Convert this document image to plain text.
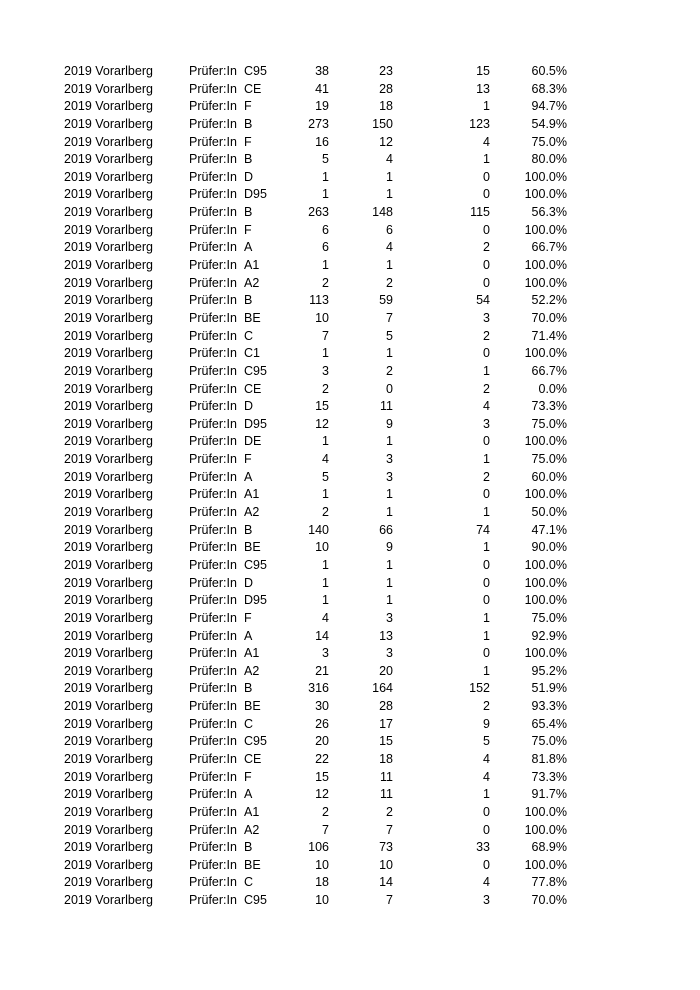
2019 Vorarlberg	Prüfer:In C95	38	23	15	60.5%
2019 Vorarlberg	Prüfer:In CE	41	28	13	68.3%
2019 Vorarlberg	Prüfer:In F	19	18	1	94.7%
2019 Vorarlberg	Prüfer:In B	273	150	123	54.9%
2019 Vorarlberg	Prüfer:In F	16	12	4	75.0%
2019 Vorarlberg	Prüfer:In B	5	4	1	80.0%
2019 Vorarlberg	Prüfer:In D	1	1	0	100.0%
2019 Vorarlberg	Prüfer:In D95	1	1	0	100.0%
2019 Vorarlberg	Prüfer:In B	263	148	115	56.3%
2019 Vorarlberg	Prüfer:In F	6	6	0	100.0%
2019 Vorarlberg	Prüfer:In A	6	4	2	66.7%
2019 Vorarlberg	Prüfer:In A1	1	1	0	100.0%
2019 Vorarlberg	Prüfer:In A2	2	2	0	100.0%
2019 Vorarlberg	Prüfer:In B	113	59	54	52.2%
2019 Vorarlberg	Prüfer:In BE	10	7	3	70.0%
2019 Vorarlberg	Prüfer:In C	7	5	2	71.4%
2019 Vorarlberg	Prüfer:In C1	1	1	0	100.0%
2019 Vorarlberg	Prüfer:In C95	3	2	1	66.7%
2019 Vorarlberg	Prüfer:In CE	2	0	2	0.0%
2019 Vorarlberg	Prüfer:In D	15	11	4	73.3%
2019 Vorarlberg	Prüfer:In D95	12	9	3	75.0%
2019 Vorarlberg	Prüfer:In DE	1	1	0	100.0%
2019 Vorarlberg	Prüfer:In F	4	3	1	75.0%
2019 Vorarlberg	Prüfer:In A	5	3	2	60.0%
2019 Vorarlberg	Prüfer:In A1	1	1	0	100.0%
2019 Vorarlberg	Prüfer:In A2	2	1	1	50.0%
2019 Vorarlberg	Prüfer:In B	140	66	74	47.1%
2019 Vorarlberg	Prüfer:In BE	10	9	1	90.0%
2019 Vorarlberg	Prüfer:In C95	1	1	0	100.0%
2019 Vorarlberg	Prüfer:In D	1	1	0	100.0%
2019 Vorarlberg	Prüfer:In D95	1	1	0	100.0%
2019 Vorarlberg	Prüfer:In F	4	3	1	75.0%
2019 Vorarlberg	Prüfer:In A	14	13	1	92.9%
2019 Vorarlberg	Prüfer:In A1	3	3	0	100.0%
2019 Vorarlberg	Prüfer:In A2	21	20	1	95.2%
2019 Vorarlberg	Prüfer:In B	316	164	152	51.9%
2019 Vorarlberg	Prüfer:In BE	30	28	2	93.3%
2019 Vorarlberg	Prüfer:In C	26	17	9	65.4%
2019 Vorarlberg	Prüfer:In C95	20	15	5	75.0%
2019 Vorarlberg	Prüfer:In CE	22	18	4	81.8%
2019 Vorarlberg	Prüfer:In F	15	11	4	73.3%
2019 Vorarlberg	Prüfer:In A	12	11	1	91.7%
2019 Vorarlberg	Prüfer:In A1	2	2	0	100.0%
2019 Vorarlberg	Prüfer:In A2	7	7	0	100.0%
2019 Vorarlberg	Prüfer:In B	106	73	33	68.9%
2019 Vorarlberg	Prüfer:In BE	10	10	0	100.0%
2019 Vorarlberg	Prüfer:In C	18	14	4	77.8%
2019 Vorarlberg	Prüfer:In C95	10	7	3	70.0%
